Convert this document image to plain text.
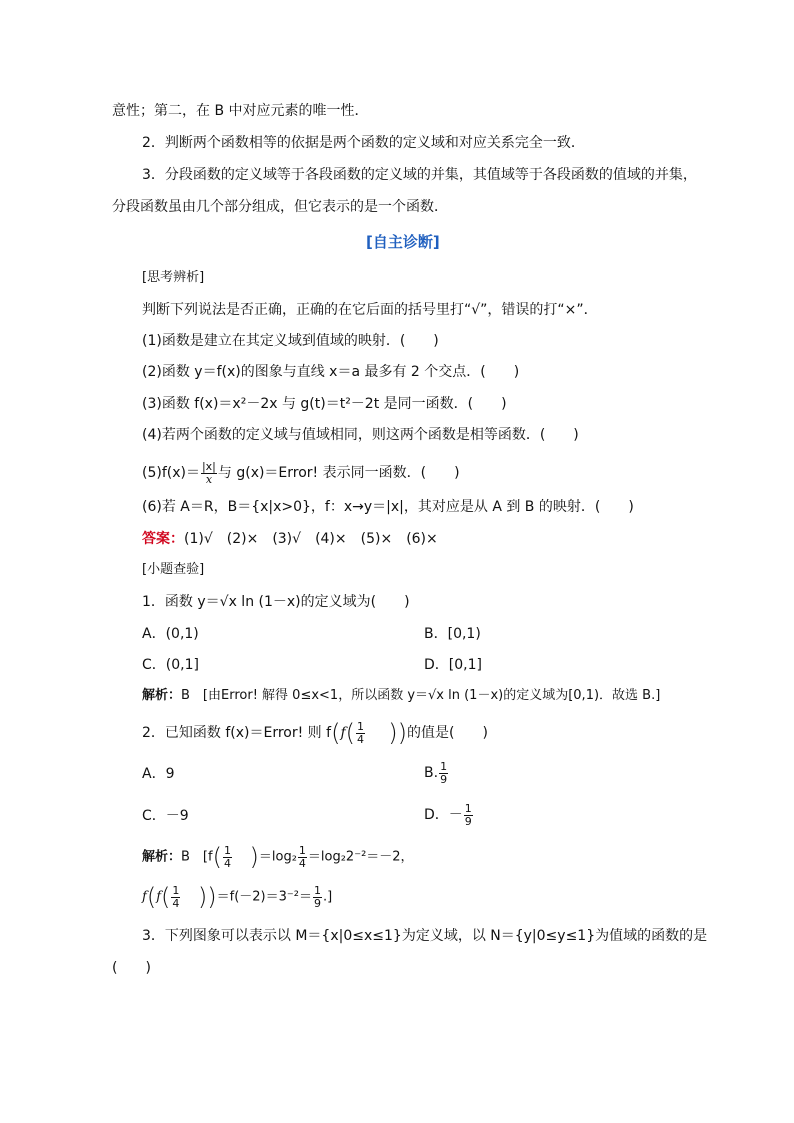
意性；第二，在 B 中对应元素的唯一性．
2．判断两个函数相等的依据是两个函数的定义域和对应关系完全一致．
3．分段函数的定义域等于各段函数的定义域的并集，其值域等于各段函数的值域的并集，
分段函数虽由几个部分组成，但它表示的是一个函数．
[自主诊断]
[思考辨析]
判断下列说法是否正确，正确的在它后面的括号里打“√”，错误的打“×”．
(1)函数是建立在其定义域到值域的映射．(　　)
(2)函数 y＝f(x)的图象与直线 x＝a 最多有 2 个交点．(　　)
(3)函数 f(x)＝x²－2x 与 g(t)＝t²－2t 是同一函数．(　　)
(4)若两个函数的定义域与值域相同，则这两个函数是相等函数．(　　)
$(5)f(x)= \frac{|x|}{x}$ 与 g(x)＝Error! 表示同一函数．(　　)
(6)若 A＝R，B＝{x|x>0}，f：x→y＝|x|，其对应是从 A 到 B 的映射．(　　)
答案：(1)√　(2)×　(3)√　(4)×　(5)×　(6)×
[小题查验]
1．函数 y＝√x ln (1－x)的定义域为(　　)
A．(0,1)	B．[0,1)
C．(0,1]	D．[0,1]
解析：B　[由Error! 解得 0≤x<1，所以函数 y＝√x ln (1－x)的定义域为[0,1)．故选 B.]
2．已知函数 f(x)＝Error! 则 $f(f( \frac{1}{4}$ ))的值是(　　)
A．9	B. $\frac{1}{9}$
C．－9	D．－ $\frac{1}{9}$
解析：B　[$f( \frac{1}{4} )=\log_2 \frac{1}{4} =\log_22^{-2}=-2$，
$f(f( \frac{1}{4} ))=f(-2)=3^{-2}= \frac{1}{9}$ .]
3．下列图象可以表示以 M＝{x|0≤x≤1}为定义域，以 N＝{y|0≤y≤1}为值域的函数的是
(　　)
